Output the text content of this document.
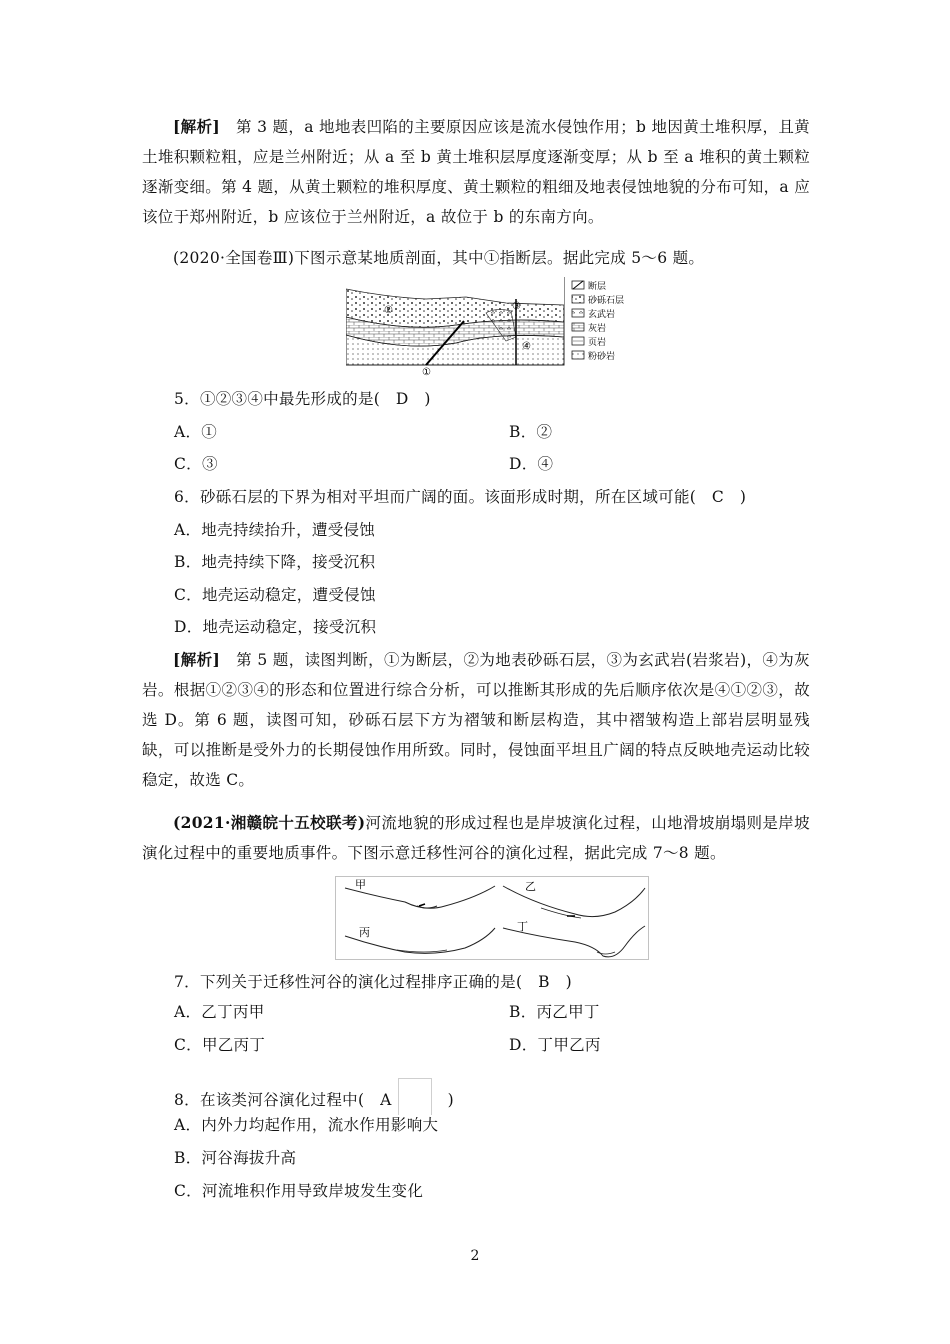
[解析]　 第 3 题，a 地地表凹陷的主要原因应该是流水侵蚀作用；b 地因黄土堆积厚，且黄土堆积颗粒粗，应是兰州附近；从 a 至 b 黄土堆积层厚度逐渐变厚；从 b 至 a 堆积的黄土颗粒逐渐变细。第 4 题，从黄土颗粒的堆积厚度、黄土颗粒的粗细及地表侵蚀地貌的分布可知，a 应该位于郑州附近，b 应该位于兰州附近，a 故位于 b 的东南方向。
(2020·全国卷Ⅲ)下图示意某地质剖面，其中①指断层。据此完成 5～6 题。
②	③
④
①
断层
砂砾石层
玄武岩
灰岩
页岩
粉砂岩
5．①②③④中最先形成的是(　D　)
A．①	B．②
C．③	D．④
6．砂砾石层的下界为相对平坦而广阔的面。该面形成时期，所在区域可能(　C　)
A．地壳持续抬升，遭受侵蚀
B．地壳持续下降，接受沉积
C．地壳运动稳定，遭受侵蚀
D．地壳运动稳定，接受沉积
[解析]　 第 5 题，读图判断，①为断层，②为地表砂砾石层，③为玄武岩(岩浆岩)，④为灰岩。根据①②③④的形态和位置进行综合分析，可以推断其形成的先后顺序依次是④①②③，故选 D。第 6 题，读图可知，砂砾石层下方为褶皱和断层构造，其中褶皱构造上部岩层明显残缺，可以推断是受外力的长期侵蚀作用所致。同时，侵蚀面平坦且广阔的特点反映地壳运动比较稳定，故选 C。
(2021·湘赣皖十五校联考)河流地貌的形成过程也是岸坡演化过程，山地滑坡崩塌则是岸坡演化过程中的重要地质事件。下图示意迁移性河谷的演化过程，据此完成 7～8 题。
甲	乙
丙	丁
7．下列关于迁移性河谷的演化过程排序正确的是(　B　)
A．乙丁丙甲	B．丙乙甲丁
C．甲乙丙丁	D．丁甲乙丙
8．在该类河谷演化过程中(　A	)
A．内外力均起作用，流水作用影响大
B．河谷海拔升高
C．河流堆积作用导致岸坡发生变化
2
